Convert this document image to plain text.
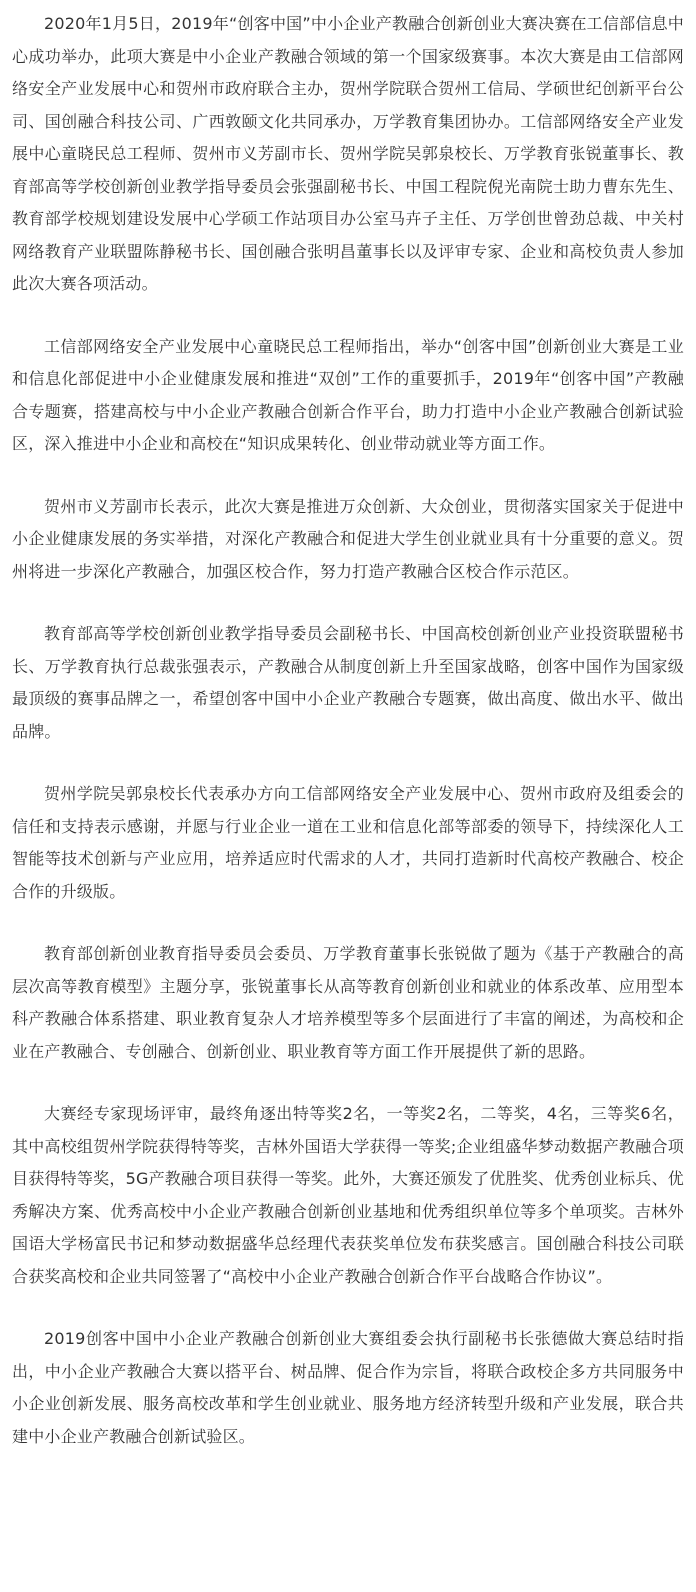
2020年1月5日，2019年“创客中国”中小企业产教融合创新创业大赛决赛在工信部信息中心成功举办，此项大赛是中小企业产教融合领域的第一个国家级赛事。本次大赛是由工信部网络安全产业发展中心和贺州市政府联合主办，贺州学院联合贺州工信局、学硕世纪创新平台公司、国创融合科技公司、广西敦颐文化共同承办，万学教育集团协办。工信部网络安全产业发展中心童晓民总工程师、贺州市义芳副市长、贺州学院吴郭泉校长、万学教育张锐董事长、教育部高等学校创新创业教学指导委员会张强副秘书长、中国工程院倪光南院士助力曹东先生、教育部学校规划建设发展中心学硕工作站项目办公室马卉子主任、万学创世曾劲总裁、中关村网络教育产业联盟陈静秘书长、国创融合张明昌董事长以及评审专家、企业和高校负责人参加此次大赛各项活动。

工信部网络安全产业发展中心童晓民总工程师指出，举办“创客中国”创新创业大赛是工业和信息化部促进中小企业健康发展和推进“双创”工作的重要抓手，2019年“创客中国”产教融合专题赛，搭建高校与中小企业产教融合创新合作平台，助力打造中小企业产教融合创新试验区，深入推进中小企业和高校在“知识成果转化、创业带动就业等方面工作。

贺州市义芳副市长表示，此次大赛是推进万众创新、大众创业，贯彻落实国家关于促进中小企业健康发展的务实举措，对深化产教融合和促进大学生创业就业具有十分重要的意义。贺州将进一步深化产教融合，加强区校合作，努力打造产教融合区校合作示范区。

教育部高等学校创新创业教学指导委员会副秘书长、中国高校创新创业产业投资联盟秘书长、万学教育执行总裁张强表示，产教融合从制度创新上升至国家战略，创客中国作为国家级最顶级的赛事品牌之一，希望创客中国中小企业产教融合专题赛，做出高度、做出水平、做出品牌。

贺州学院吴郭泉校长代表承办方向工信部网络安全产业发展中心、贺州市政府及组委会的信任和支持表示感谢，并愿与行业企业一道在工业和信息化部等部委的领导下，持续深化人工智能等技术创新与产业应用，培养适应时代需求的人才，共同打造新时代高校产教融合、校企合作的升级版。

教育部创新创业教育指导委员会委员、万学教育董事长张锐做了题为《基于产教融合的高层次高等教育模型》主题分享，张锐董事长从高等教育创新创业和就业的体系改革、应用型本科产教融合体系搭建、职业教育复杂人才培养模型等多个层面进行了丰富的阐述，为高校和企业在产教融合、专创融合、创新创业、职业教育等方面工作开展提供了新的思路。

大赛经专家现场评审，最终角逐出特等奖2名，一等奖2名，二等奖，4名，三等奖6名，其中高校组贺州学院获得特等奖，吉林外国语大学获得一等奖;企业组盛华梦动数据产教融合项目获得特等奖，5G产教融合项目获得一等奖。此外，大赛还颁发了优胜奖、优秀创业标兵、优秀解决方案、优秀高校中小企业产教融合创新创业基地和优秀组织单位等多个单项奖。吉林外国语大学杨富民书记和梦动数据盛华总经理代表获奖单位发布获奖感言。国创融合科技公司联合获奖高校和企业共同签署了“高校中小企业产教融合创新合作平台战略合作协议”。

2019创客中国中小企业产教融合创新创业大赛组委会执行副秘书长张德做大赛总结时指出，中小企业产教融合大赛以搭平台、树品牌、促合作为宗旨，将联合政校企多方共同服务中小企业创新发展、服务高校改革和学生创业就业、服务地方经济转型升级和产业发展，联合共建中小企业产教融合创新试验区。
